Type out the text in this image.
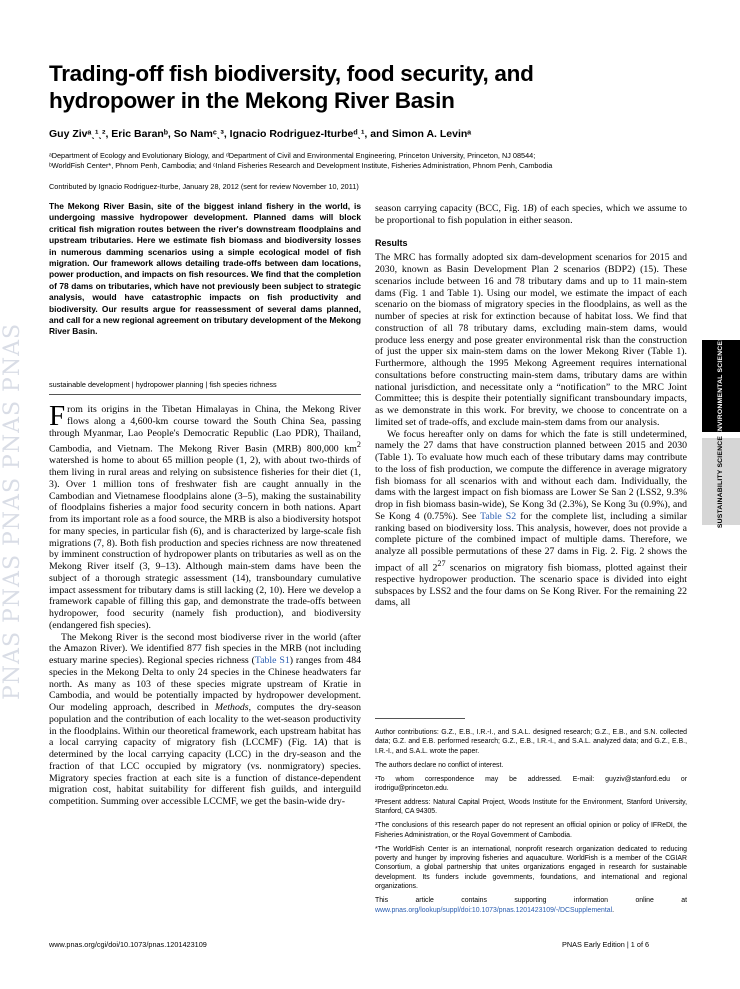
PNAS PNAS PNAS PNAS PNAS	ENVIRONMENTAL SCIENCES
SUSTAINABILITY SCIENCE
Trading-off fish biodiversity, food security, and hydropower in the Mekong River Basin
Guy Zivᵃˎ¹ˎ², Eric Baranᵇ, So Namᶜˎ³, Ignacio Rodriguez-Iturbeᵈˎ¹, and Simon A. Levinᵃ
ᵃDepartment of Ecology and Evolutionary Biology, and ᵈDepartment of Civil and Environmental Engineering, Princeton University, Princeton, NJ 08544;
ᵇWorldFish Center*, Phnom Penh, Cambodia; and ᶜInland Fisheries Research and Development Institute, Fisheries Administration, Phnom Penh, Cambodia
Contributed by Ignacio Rodriguez-Iturbe, January 28, 2012 (sent for review November 10, 2011)

The Mekong River Basin, site of the biggest inland fishery in the world, is undergoing massive hydropower development. Planned dams will block critical fish migration routes between the river's downstream floodplains and upstream tributaries. Here we estimate fish biomass and biodiversity losses in numerous damming scenarios using a simple ecological model of fish migration. Our framework allows detailing trade-offs between dam locations, power production, and impacts on fish resources. We find that the completion of 78 dams on tributaries, which have not previously been subject to strategic analysis, would have catastrophic impacts on fish productivity and biodiversity. Our results argue for reassessment of several dams planned, and call for a new regional agreement on tributary development of the Mekong River Basin.

sustainable development | hydropower planning | fish species richness

From its origins in the Tibetan Himalayas in China, the Mekong River flows along a 4,600-km course toward the South China Sea, passing through Myanmar, Lao People's Democratic Republic (Lao PDR), Thailand, Cambodia, and Vietnam. The Mekong River Basin (MRB) 800,000 $km^2$ watershed is home to about 65 million people (1, 2), with about two-thirds of them living in rural areas and relying on subsistence fisheries for their diet (1, 3). Over 1 million tons of freshwater fish are caught annually in the Cambodian and Vietnamese floodplains alone (3–5), making the sustainability of floodplains fisheries a major food security concern in both nations. Apart from its important role as a food source, the MRB is also a biodiversity hotspot for many species, in particular fish (6), and is characterized by large-scale fish migrations (7, 8). Both fish production and species richness are now threatened by imminent construction of hydropower plants on tributaries as well as on the Mekong River itself (3, 9–13). Although main-stem dams have been the subject of a thorough strategic assessment (14), transboundary cumulative impact assessment for tributary dams is still lacking (2, 10). Here we develop a framework capable of filling this gap, and demonstrate the trade-offs between hydropower, food security (namely fish production), and biodiversity (endangered fish species).

The Mekong River is the second most biodiverse river in the world (after the Amazon River). We identified 877 fish species in the MRB (not including estuary marine species). Regional species richness (Table S1) ranges from 484 species in the Mekong Delta to only 24 species in the Chinese headwaters far north. As many as 103 of these species migrate upstream of Kratie in Cambodia, and would be potentially impacted by hydropower development. Our modeling approach, described in Methods, computes the dry-season population and the contribution of each locality to the wet-season productivity in the floodplains. Within our theoretical framework, each upstream habitat has a local carrying capacity of migratory fish (LCCMF) (Fig. 1A) that is determined by the local carrying capacity (LCC) in the dry-season and the fraction of that LCC occupied by migratory (vs. nonmigratory) species. Migratory species fraction at each site is a function of distance-dependent migration cost, habitat suitability for different fish guilds, and interguild competition. Summing over accessible LCCMF, we get the basin-wide dry-

season carrying capacity (BCC, Fig. 1B) of each species, which we assume to be proportional to fish population in either season.

Results

The MRC has formally adopted six dam-development scenarios for 2015 and 2030, known as Basin Development Plan 2 scenarios (BDP2) (15). These scenarios include between 16 and 78 tributary dams and up to 11 main-stem dams (Fig. 1 and Table 1). Using our model, we estimate the impact of each scenario on the biomass of migratory species in the floodplains, as well as the number of species at risk for extinction because of habitat loss. We find that construction of all 78 tributary dams, excluding main-stem dams, would produce less energy and pose greater environmental risk than the construction of just the upper six main-stem dams on the lower Mekong River (Table 1). Furthermore, although the 1995 Mekong Agreement requires international consultations before constructing main-stem dams, tributary dams are within national jurisdiction, and necessitate only a “notification” to the MRC Joint Committee; this is despite their potentially significant transboundary impacts, as we demonstrate in this work. For brevity, we choose to concentrate on a limited set of trade-offs, and exclude main-stem dams from our analysis.

We focus hereafter only on dams for which the fate is still undetermined, namely the 27 dams that have construction planned between 2015 and 2030 (Table 1). To evaluate how much each of these tributary dams may contribute to the loss of fish production, we compute the difference in average migratory fish biomass for all scenarios with and without each dam. Individually, the dams with the largest impact on fish biomass are Lower Se San 2 (LSS2, 9.3% drop in fish biomass basin-wide), Se Kong 3d (2.3%), Se Kong 3u (0.9%), and Se Kong 4 (0.75%). See Table S2 for the complete list, including a similar ranking based on biodiversity loss. This analysis, however, does not provide a complete picture of the combined impact of multiple dams. Therefore, we analyze all possible permutations of these 27 dams in Fig. 2. Fig. 2 shows the impact of all $2^{27}$ scenarios on migratory fish biomass, plotted against their respective hydropower production. The scenario space is divided into eight subspaces by LSS2 and the four dams on Se Kong River. For the remaining 22 dams, all

Author contributions: G.Z., E.B., I.R.-I., and S.A.L. designed research; G.Z., E.B., and S.N. collected data; G.Z. and E.B. performed research; G.Z., E.B., I.R.-I., and S.A.L. analyzed data; and G.Z., E.B., I.R.-I., and S.A.L. wrote the paper.

The authors declare no conflict of interest.

¹To whom correspondence may be addressed. E-mail: guyziv@stanford.edu or irodrigu@princeton.edu.

²Present address: Natural Capital Project, Woods Institute for the Environment, Stanford University, Stanford, CA 94305.

³The conclusions of this research paper do not represent an official opinion or policy of IFReDI, the Fisheries Administration, or the Royal Government of Cambodia.

*The WorldFish Center is an international, nonprofit research organization dedicated to reducing poverty and hunger by improving fisheries and aquaculture. WorldFish is a member of the CGIAR Consortium, a global partnership that unites organizations engaged in research for sustainable development. Its funders include governments, foundations, and international and regional organizations.

This article contains supporting information online at www.pnas.org/lookup/suppl/doi:10.1073/pnas.1201423109/-/DCSupplemental.

www.pnas.org/cgi/doi/10.1073/pnas.1201423109	PNAS Early Edition | 1 of 6
